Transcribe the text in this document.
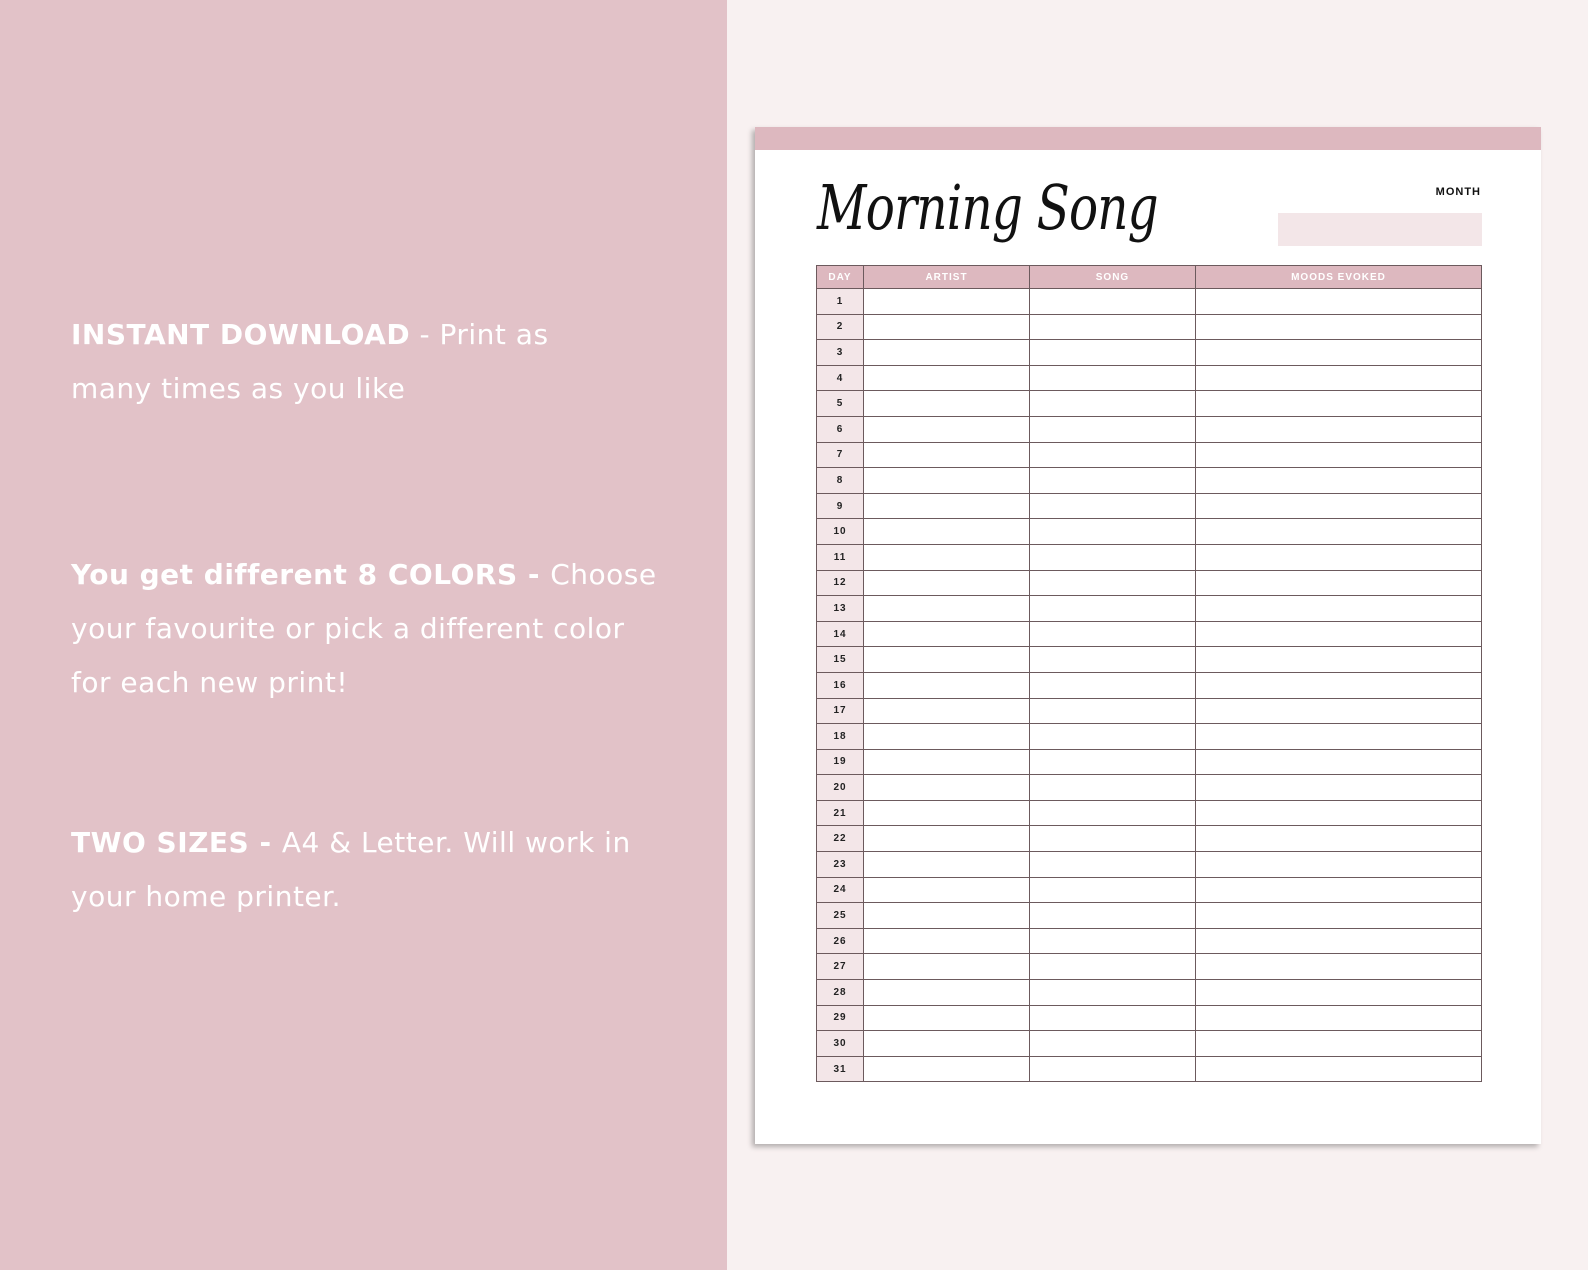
INSTANT DOWNLOAD - Print as many times as you like
You get different 8 COLORS - Choose your favourite or pick a different color for each new print!
TWO SIZES - A4 & Letter. Will work in your home printer.
Morning Song	MONTH
DAY	ARTIST	SONG	MOODS EVOKED
1			
2			
3			
4			
5			
6			
7			
8			
9			
10			
11			
12			
13			
14			
15			
16			
17			
18			
19			
20			
21			
22			
23			
24			
25			
26			
27			
28			
29			
30			
31			
